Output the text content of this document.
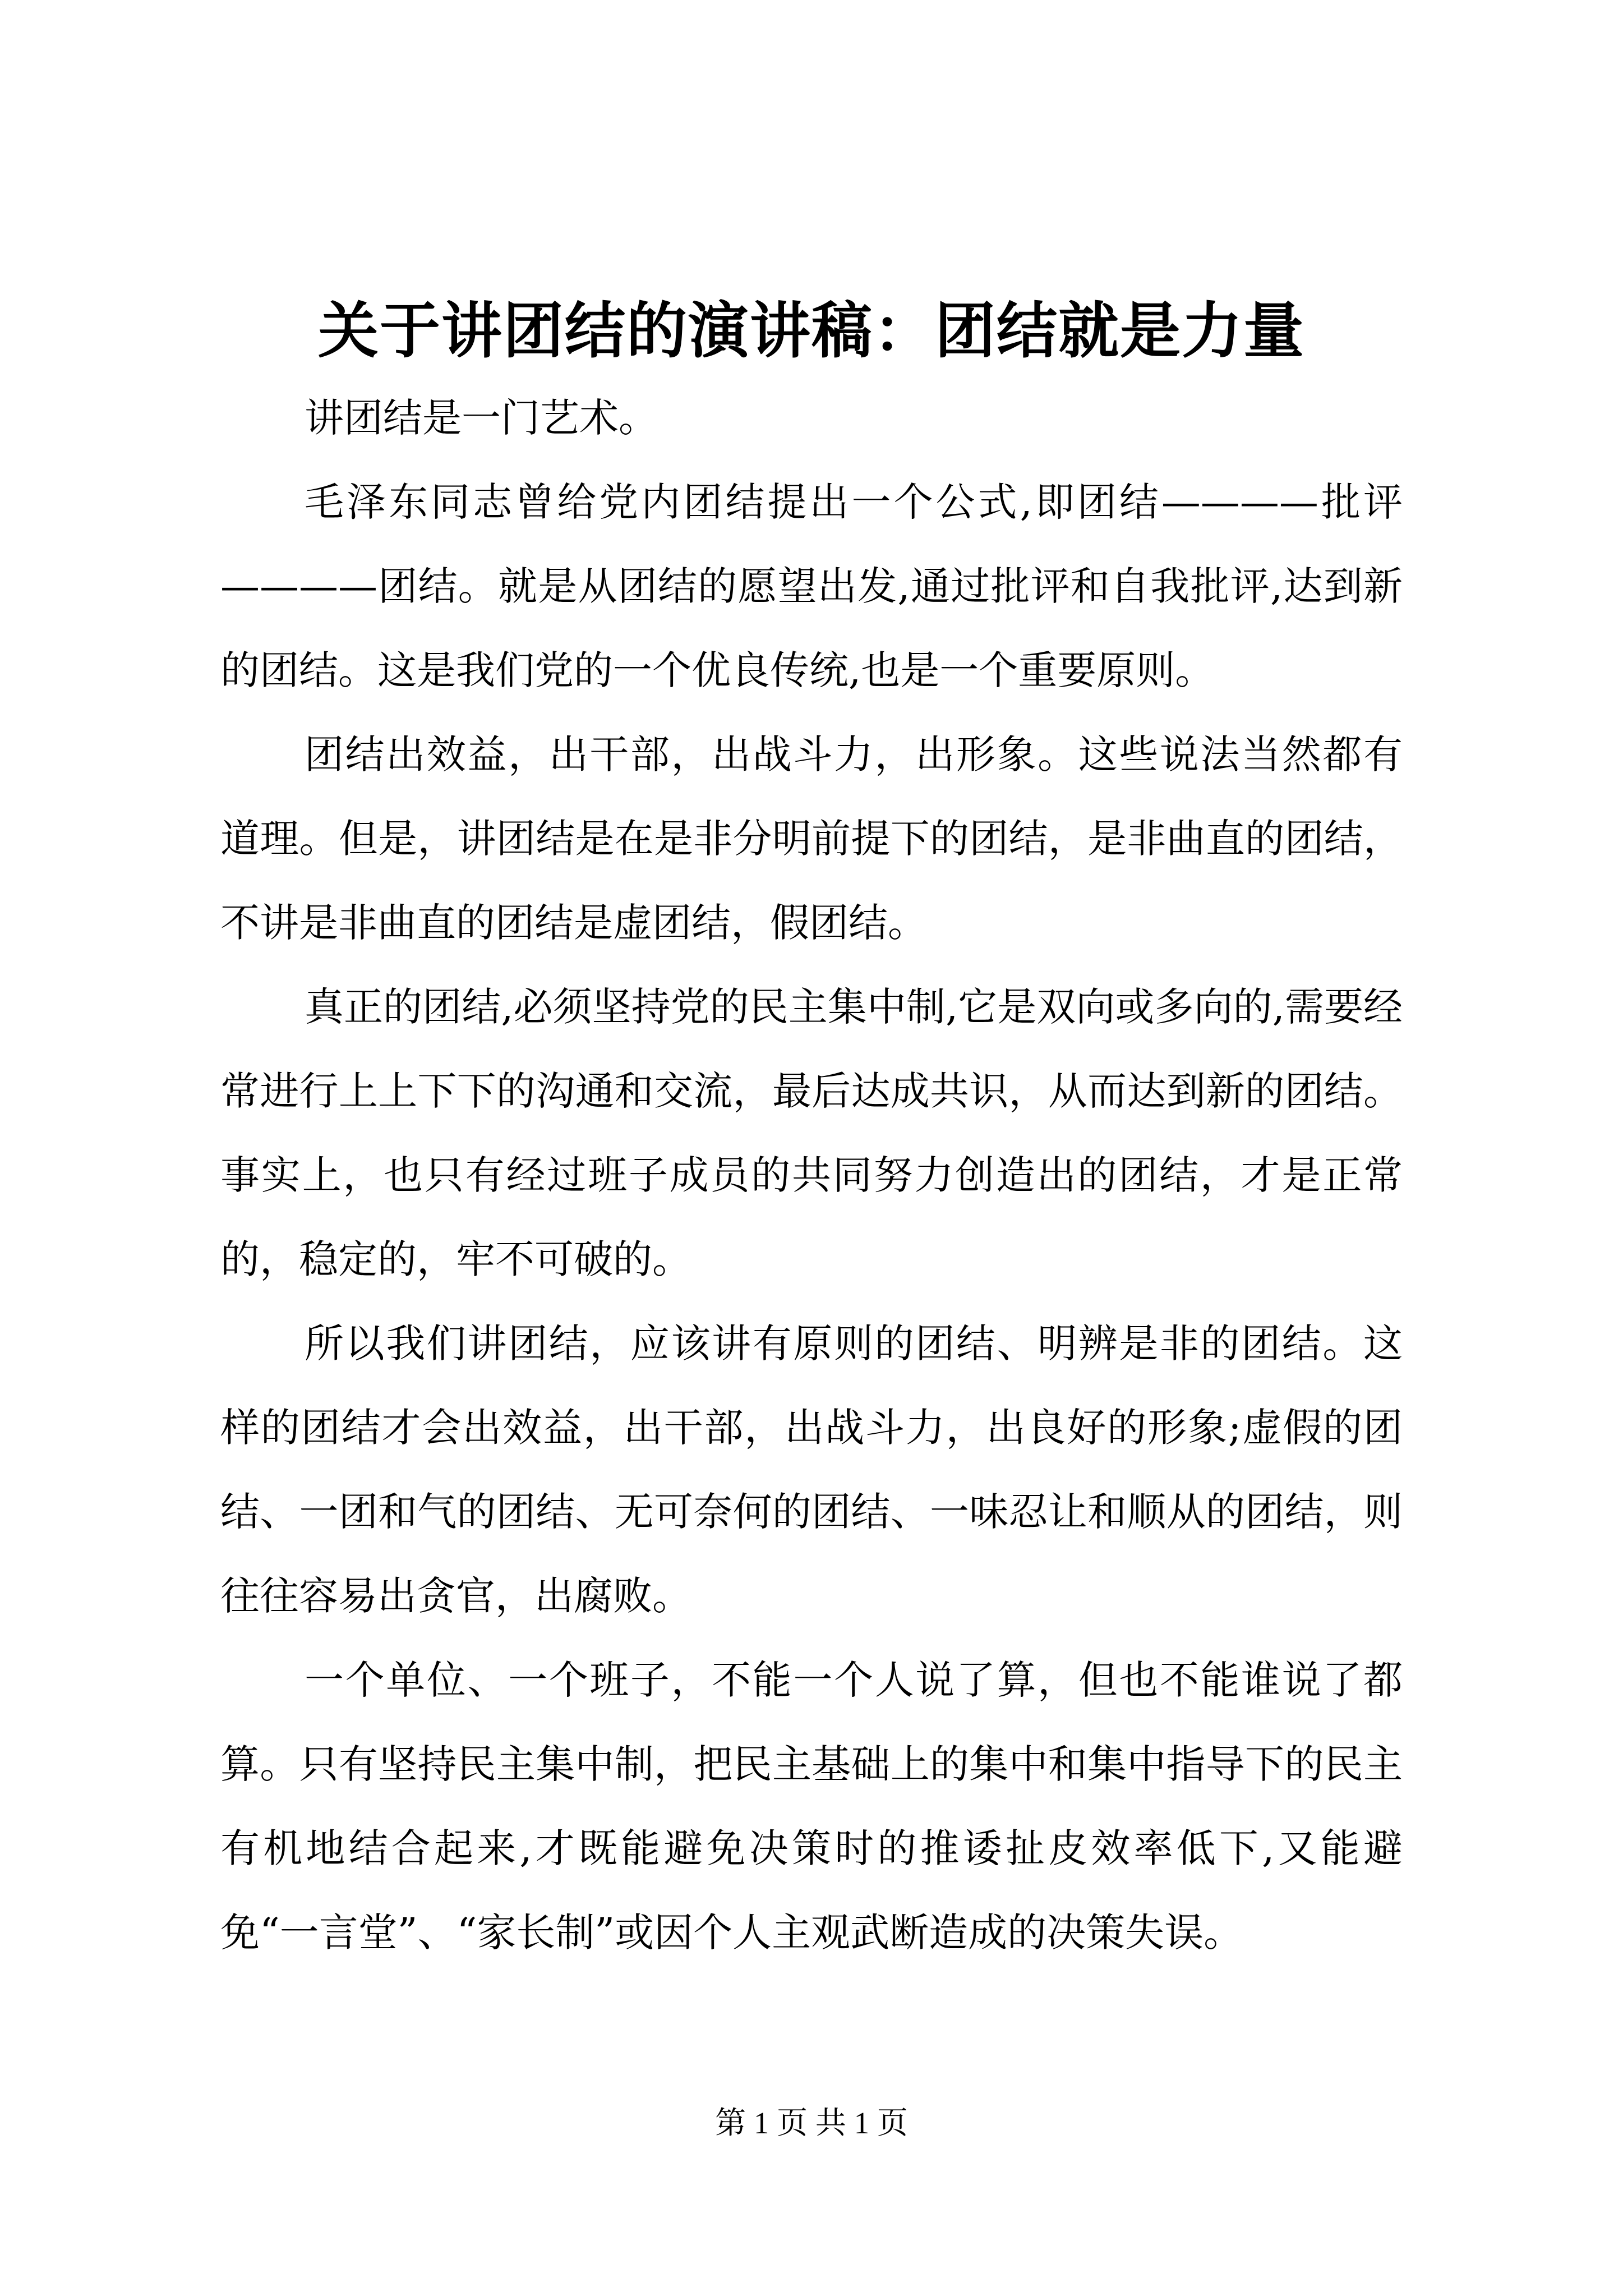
关于讲团结的演讲稿：团结就是力量

讲团结是一门艺术。

毛泽东同志曾给党内团结提出一个公式,即团结————批评————团结。就是从团结的愿望出发,通过批评和自我批评,达到新的团结。这是我们党的一个优良传统,也是一个重要原则。

团结出效益，出干部，出战斗力，出形象。这些说法当然都有道理。但是，讲团结是在是非分明前提下的团结，是非曲直的团结，不讲是非曲直的团结是虚团结，假团结。

真正的团结,必须坚持党的民主集中制,它是双向或多向的,需要经常进行上上下下的沟通和交流，最后达成共识，从而达到新的团结。事实上，也只有经过班子成员的共同努力创造出的团结，才是正常的，稳定的，牢不可破的。

所以我们讲团结，应该讲有原则的团结、明辨是非的团结。这样的团结才会出效益，出干部，出战斗力，出良好的形象;虚假的团结、一团和气的团结、无可奈何的团结、一味忍让和顺从的团结，则往往容易出贪官，出腐败。

一个单位、一个班子，不能一个人说了算，但也不能谁说了都算。只有坚持民主集中制，把民主基础上的集中和集中指导下的民主有机地结合起来,才既能避免决策时的推诿扯皮效率低下,又能避免“一言堂”、“家长制”或因个人主观武断造成的决策失误。

第 1 页 共 1 页
